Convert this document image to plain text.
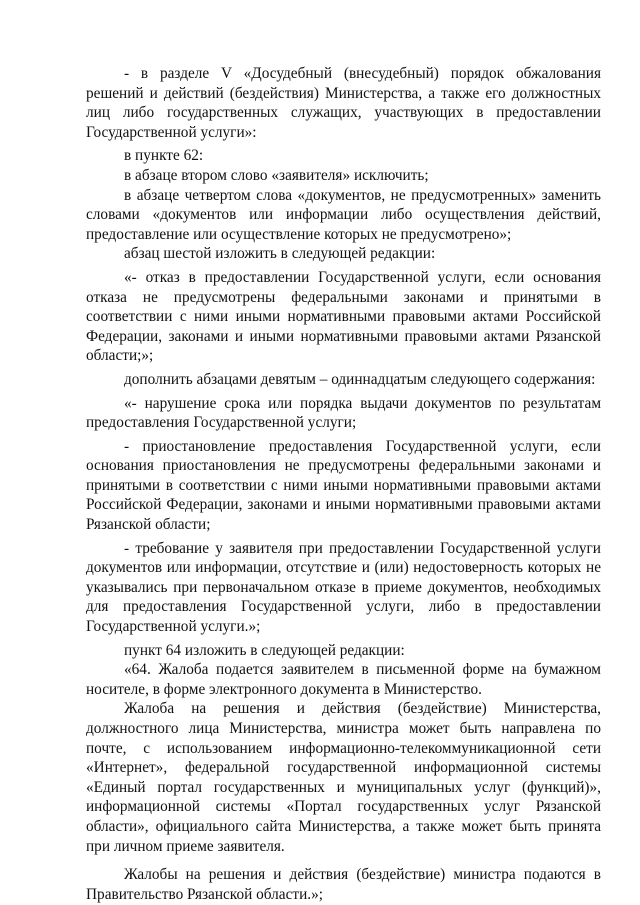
- в разделе V «Досудебный (внесудебный) порядок обжалования решений и действий (бездействия) Министерства, а также его должностных лиц либо государственных служащих, участвующих в предоставлении Государственной услуги»:

в пункте 62:

в абзаце втором слово «заявителя» исключить;

в абзаце четвертом слова «документов, не предусмотренных» заменить словами «документов или информации либо осуществления действий, предоставление или осуществление которых не предусмотрено»;

абзац шестой изложить в следующей редакции:

«- отказ в предоставлении Государственной услуги, если основания отказа не предусмотрены федеральными законами и принятыми в соответствии с ними иными нормативными правовыми актами Российской Федерации, законами и иными нормативными правовыми актами Рязанской области;»;

дополнить абзацами девятым – одиннадцатым следующего содержания:

«- нарушение срока или порядка выдачи документов по результатам предоставления Государственной услуги;

- приостановление предоставления Государственной услуги, если основания приостановления не предусмотрены федеральными законами и принятыми в соответствии с ними иными нормативными правовыми актами Российской Федерации, законами и иными нормативными правовыми актами Рязанской области;

- требование у заявителя при предоставлении Государственной услуги документов или информации, отсутствие и (или) недостоверность которых не указывались при первоначальном отказе в приеме документов, необходимых для предоставления Государственной услуги, либо в предоставлении Государственной услуги.»;

пункт 64 изложить в следующей редакции:

«64. Жалоба подается заявителем в письменной форме на бумажном носителе, в форме электронного документа в Министерство.

Жалоба на решения и действия (бездействие) Министерства, должностного лица Министерства, министра может быть направлена по почте, с использованием информационно-телекоммуникационной сети «Интернет», федеральной государственной информационной системы «Единый портал государственных и муниципальных услуг (функций)», информационной системы «Портал государственных услуг Рязанской области», официального сайта Министерства, а также может быть принята при личном приеме заявителя.

Жалобы на решения и действия (бездействие) министра подаются в Правительство Рязанской области.»;
